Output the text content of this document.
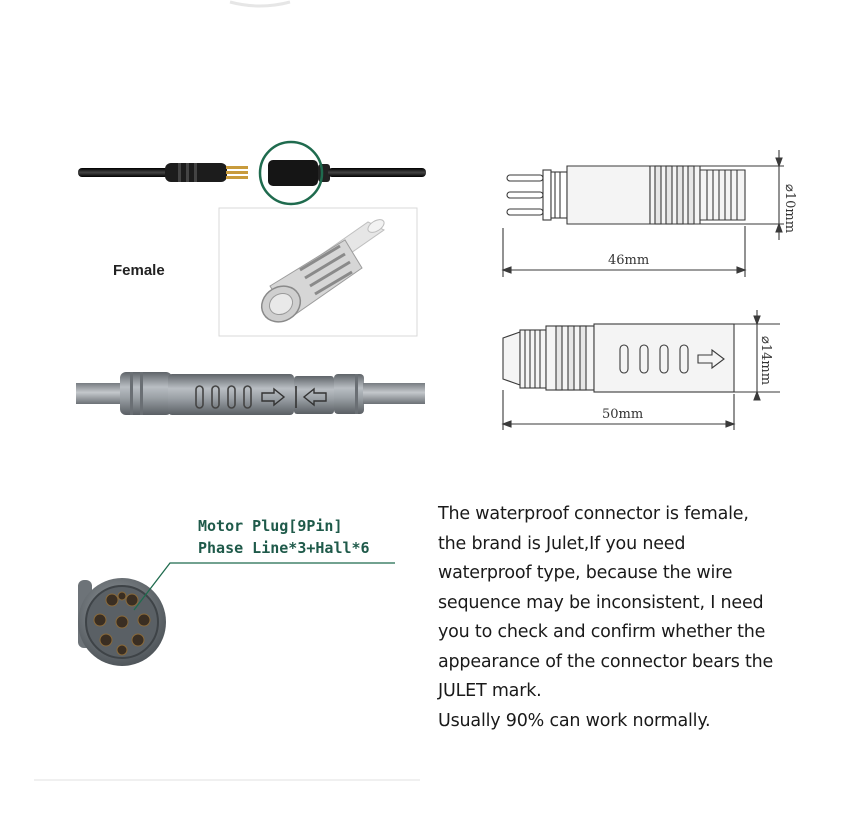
46mm
⌀10mm
50mm
⌀14mm
Female
Motor Plug[9Pin]
Phase Line*3+Hall*6
The waterproof connector is female,
the brand is Julet,If you need
waterproof type, because the wire
sequence may be inconsistent, I need
you to check and confirm whether the
appearance of the connector bears the
JULET mark.
Usually 90% can work normally.
